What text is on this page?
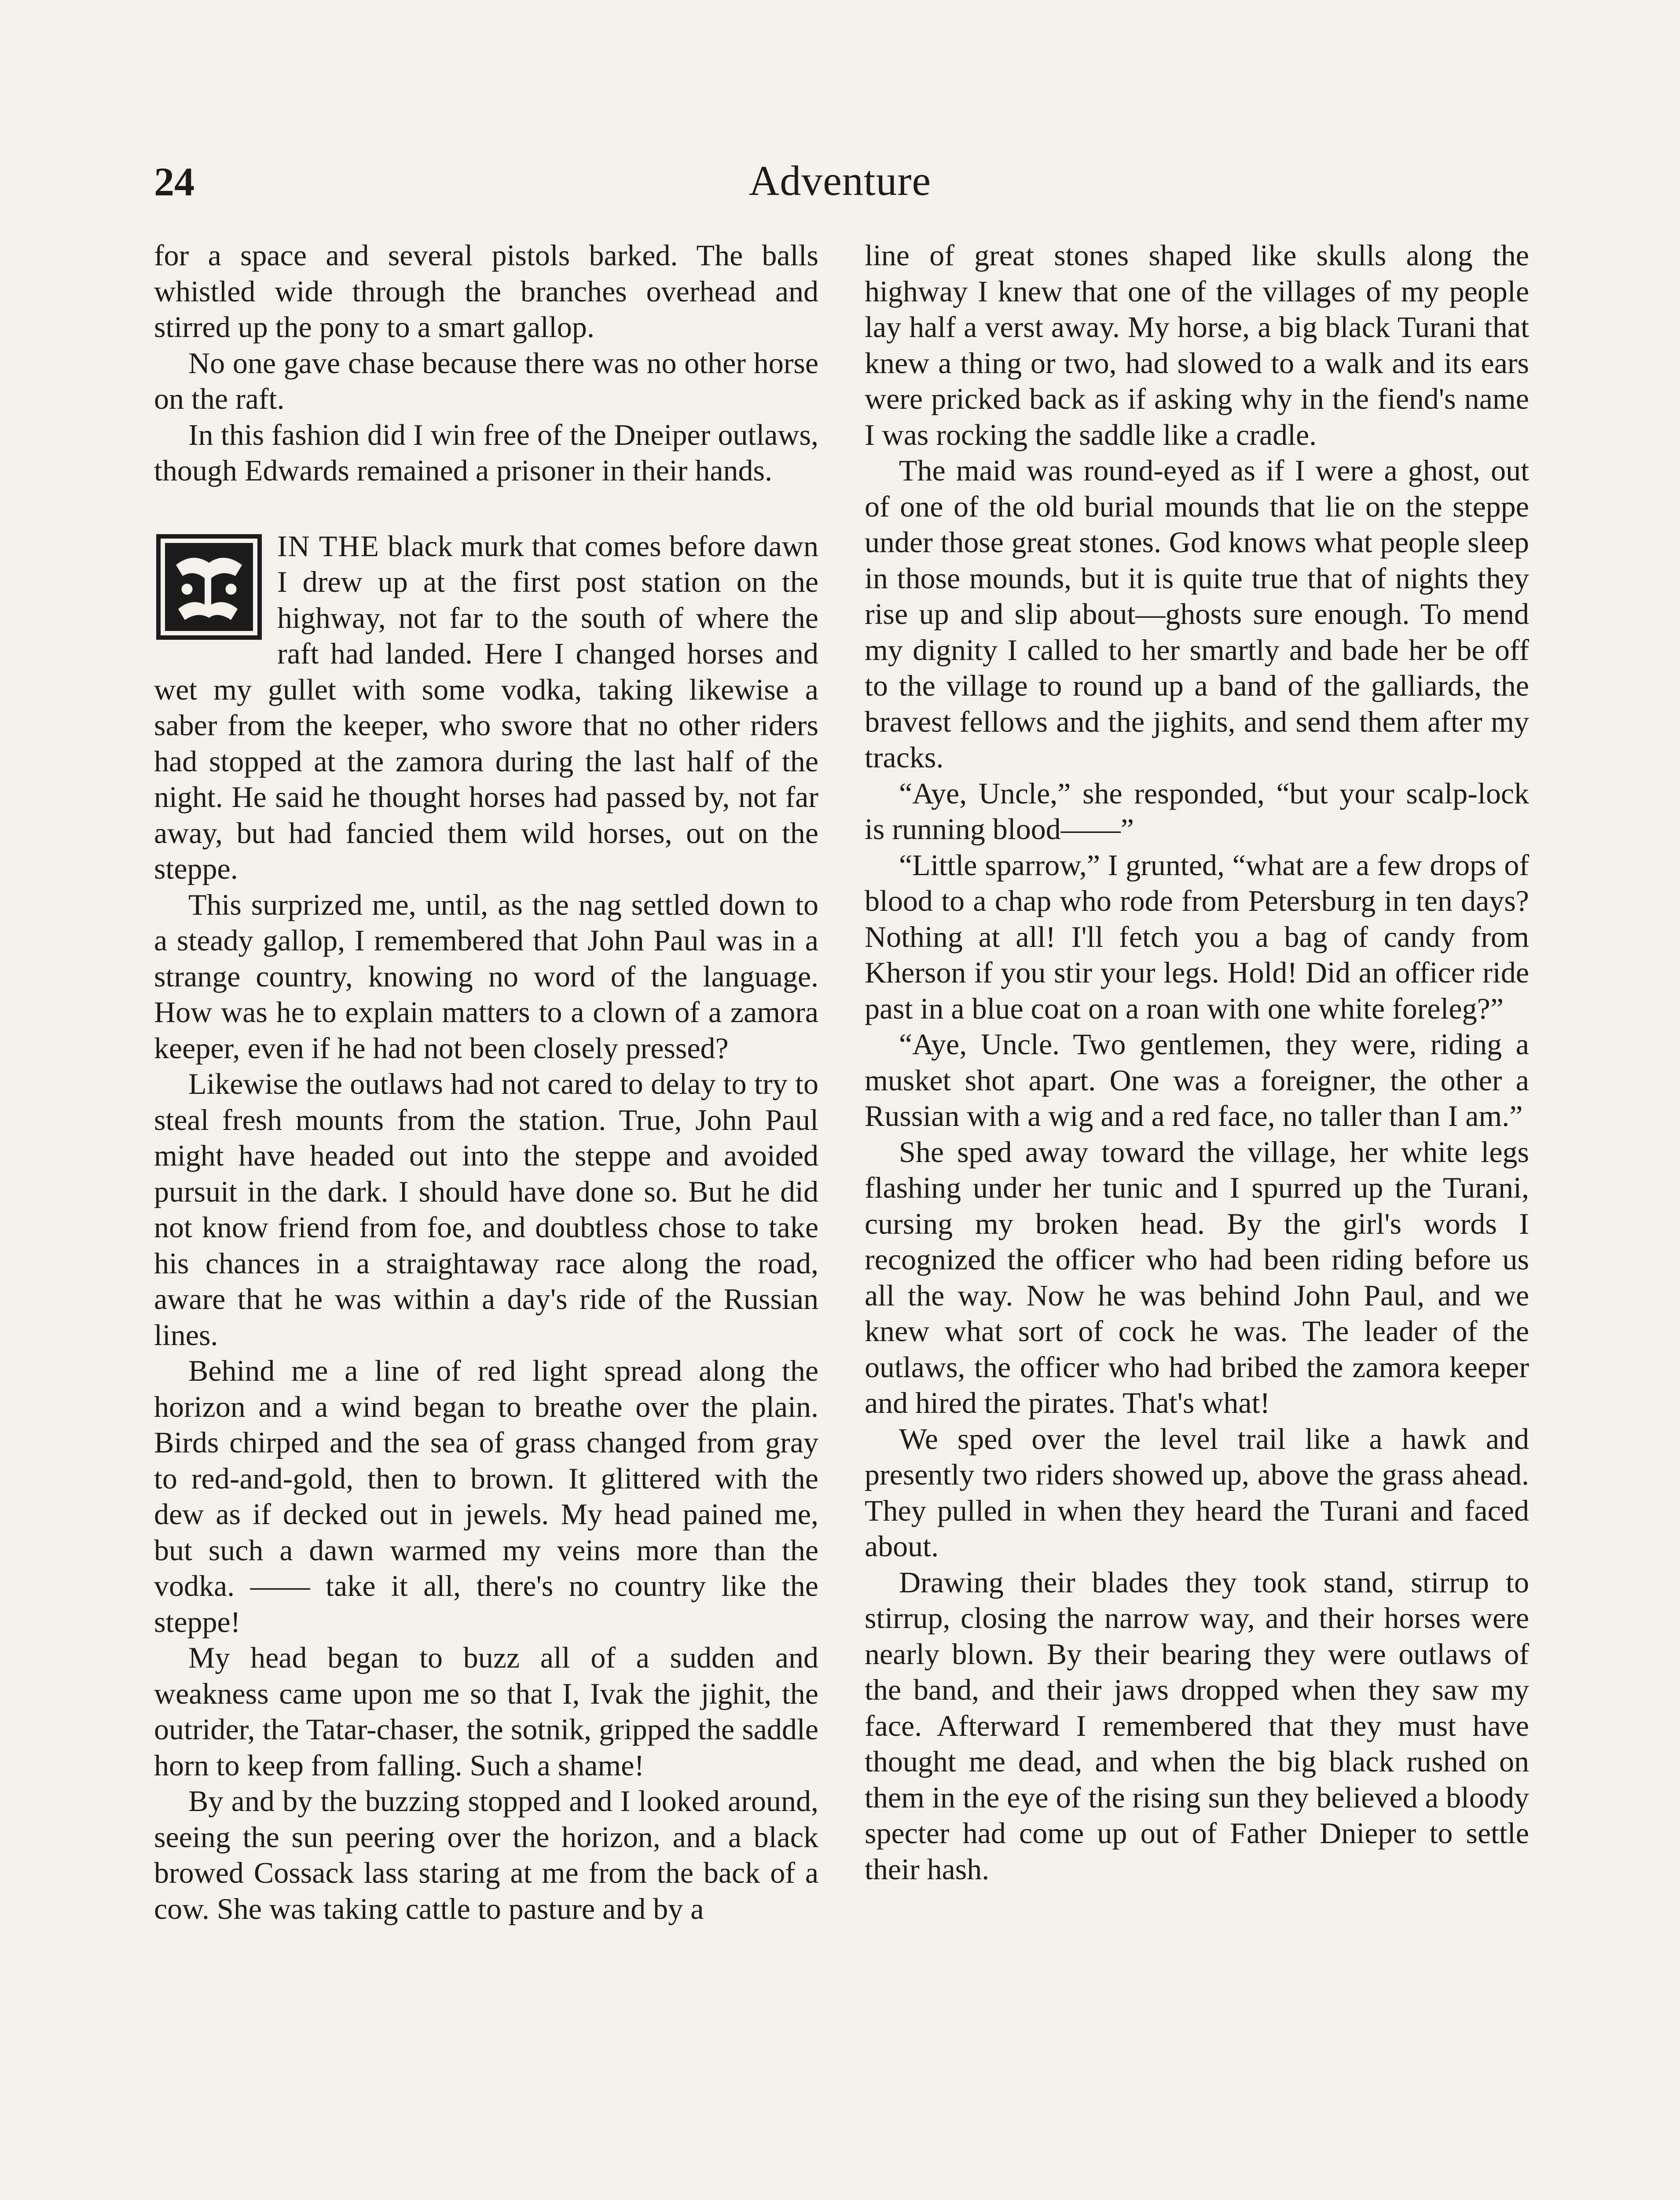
24	Adventure

for a space and several pistols barked. The balls whistled wide through the branches overhead and stirred up the pony to a smart gallop.

No one gave chase because there was no other horse on the raft.

In this fashion did I win free of the Dneiper outlaws, though Edwards remained a prisoner in their hands.

IN THE black murk that comes before dawn I drew up at the first post station on the highway, not far to the south of where the raft had landed. Here I changed horses and wet my gullet with some vodka, taking likewise a saber from the keeper, who swore that no other riders had stopped at the zamora during the last half of the night. He said he thought horses had passed by, not far away, but had fancied them wild horses, out on the steppe.

This surprized me, until, as the nag settled down to a steady gallop, I remembered that John Paul was in a strange country, knowing no word of the language. How was he to explain matters to a clown of a zamora keeper, even if he had not been closely pressed?

Likewise the outlaws had not cared to delay to try to steal fresh mounts from the station. True, John Paul might have headed out into the steppe and avoided pursuit in the dark. I should have done so. But he did not know friend from foe, and doubtless chose to take his chances in a straightaway race along the road, aware that he was within a day's ride of the Russian lines.

Behind me a line of red light spread along the horizon and a wind began to breathe over the plain. Birds chirped and the sea of grass changed from gray to red-and-gold, then to brown. It glittered with the dew as if decked out in jewels. My head pained me, but such a dawn warmed my veins more than the vodka. —— take it all, there's no country like the steppe!

My head began to buzz all of a sudden and weakness came upon me so that I, Ivak the jighit, the outrider, the Tatar-chaser, the sotnik, gripped the saddle horn to keep from falling. Such a shame!

By and by the buzzing stopped and I looked around, seeing the sun peering over the horizon, and a black browed Cossack lass staring at me from the back of a cow. She was taking cattle to pasture and by a

line of great stones shaped like skulls along the highway I knew that one of the villages of my people lay half a verst away. My horse, a big black Turani that knew a thing or two, had slowed to a walk and its ears were pricked back as if asking why in the fiend's name I was rocking the saddle like a cradle.

The maid was round-eyed as if I were a ghost, out of one of the old burial mounds that lie on the steppe under those great stones. God knows what people sleep in those mounds, but it is quite true that of nights they rise up and slip about—ghosts sure enough. To mend my dignity I called to her smartly and bade her be off to the village to round up a band of the galliards, the bravest fellows and the jighits, and send them after my tracks.

“Aye, Uncle,” she responded, “but your scalp-lock is running blood——”

“Little sparrow,” I grunted, “what are a few drops of blood to a chap who rode from Petersburg in ten days? Nothing at all! I'll fetch you a bag of candy from Kherson if you stir your legs. Hold! Did an officer ride past in a blue coat on a roan with one white foreleg?”

“Aye, Uncle. Two gentlemen, they were, riding a musket shot apart. One was a foreigner, the other a Russian with a wig and a red face, no taller than I am.”

She sped away toward the village, her white legs flashing under her tunic and I spurred up the Turani, cursing my broken head. By the girl's words I recognized the officer who had been riding before us all the way. Now he was behind John Paul, and we knew what sort of cock he was. The leader of the outlaws, the officer who had bribed the zamora keeper and hired the pirates. That's what!

We sped over the level trail like a hawk and presently two riders showed up, above the grass ahead. They pulled in when they heard the Turani and faced about.

Drawing their blades they took stand, stirrup to stirrup, closing the narrow way, and their horses were nearly blown. By their bearing they were outlaws of the band, and their jaws dropped when they saw my face. Afterward I remembered that they must have thought me dead, and when the big black rushed on them in the eye of the rising sun they believed a bloody specter had come up out of Father Dnieper to settle their hash.
